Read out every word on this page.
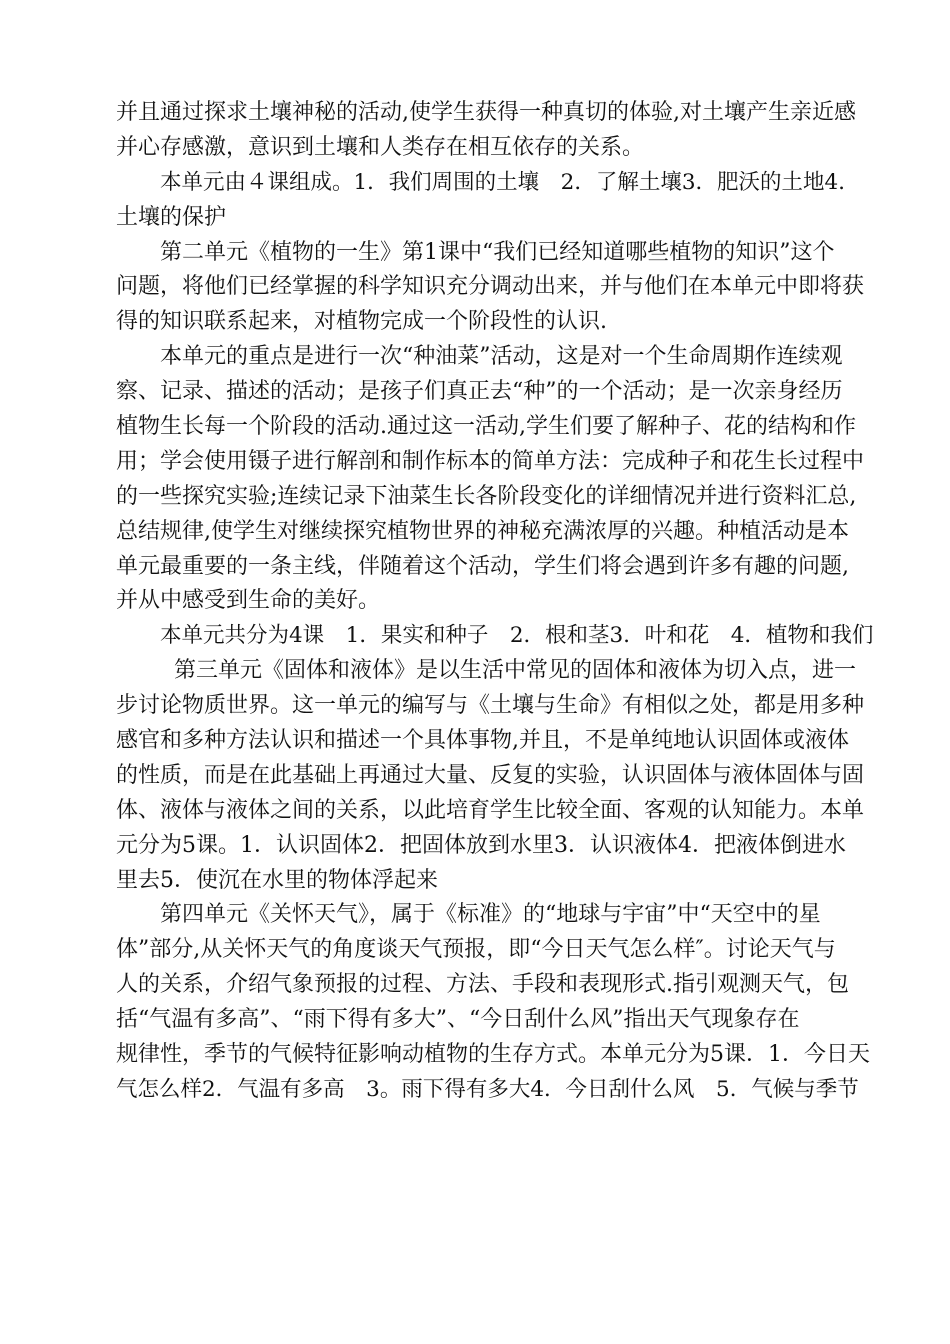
并且通过探求土壤神秘的活动,使学生获得一种真切的体验,对土壤产生亲近感
并心存感激，意识到土壤和人类存在相互依存的关系。
本单元由４课组成。1．我们周围的土壤　2．了解土壤3．肥沃的土地4．
土壤的保护
第二单元《植物的一生》第1课中“我们已经知道哪些植物的知识”这个
问题，将他们已经掌握的科学知识充分调动出来，并与他们在本单元中即将获
得的知识联系起来，对植物完成一个阶段性的认识.
本单元的重点是进行一次“种油菜”活动，这是对一个生命周期作连续观
察、记录、描述的活动；是孩子们真正去“种”的一个活动；是一次亲身经历
植物生长每一个阶段的活动.通过这一活动,学生们要了解种子、花的结构和作
用；学会使用镊子进行解剖和制作标本的简单方法：完成种子和花生长过程中
的一些探究实验;连续记录下油菜生长各阶段变化的详细情况并进行资料汇总,
总结规律,使学生对继续探究植物世界的神秘充满浓厚的兴趣。种植活动是本
单元最重要的一条主线，伴随着这个活动，学生们将会遇到许多有趣的问题,
并从中感受到生命的美好。
本单元共分为4课　1．果实和种子　2．根和茎3．叶和花　4．植物和我们
第三单元《固体和液体》是以生活中常见的固体和液体为切入点，进一
步讨论物质世界。这一单元的编写与《土壤与生命》有相似之处，都是用多种
感官和多种方法认识和描述一个具体事物,并且，不是单纯地认识固体或液体
的性质，而是在此基础上再通过大量、反复的实验，认识固体与液体固体与固
体、液体与液体之间的关系，以此培育学生比较全面、客观的认知能力。本单
元分为5课。1．认识固体2．把固体放到水里3．认识液体4．把液体倒进水
里去5．使沉在水里的物体浮起来
第四单元《关怀天气》，属于《标准》的“地球与宇宙”中“天空中的星
体”部分,从关怀天气的角度谈天气预报，即“今日天气怎么样″。讨论天气与
人的关系，介绍气象预报的过程、方法、手段和表现形式.指引观测天气，包
括“气温有多高”、“雨下得有多大”、“今日刮什么风”指出天气现象存在
规律性，季节的气候特征影响动植物的生存方式。本单元分为5课．1．今日天
气怎么样2．气温有多高　3。雨下得有多大4．今日刮什么风　5．气候与季节
